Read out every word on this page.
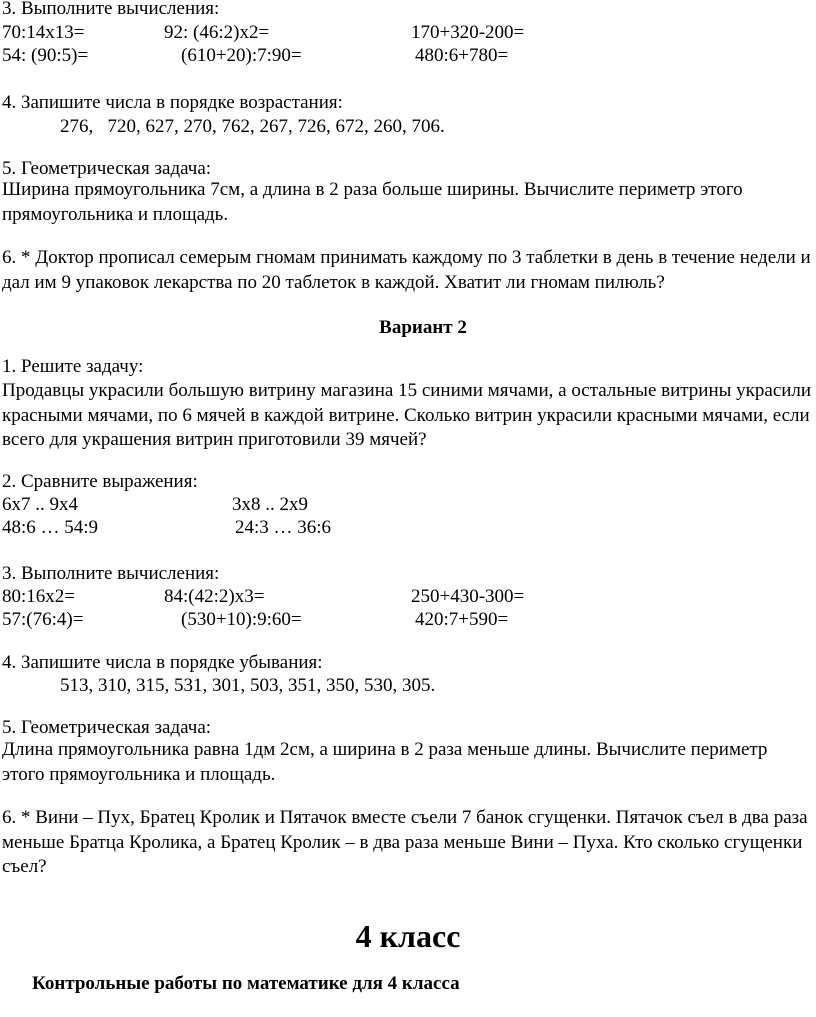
3. Выполните вычисления:
70:14х13=	92: (46:2)х2=	170+320-200=
54: (90:5)=	(610+20):7:90=	480:6+780=
4. Запишите числа в порядке возрастания:
276,   720, 627, 270, 762, 267, 726, 672, 260, 706.
5. Геометрическая задача:
Ширина прямоугольника 7см, а длина в 2 раза больше ширины. Вычислите периметр этого прямоугольника и площадь.
6. * Доктор прописал семерым гномам принимать каждому по 3 таблетки в день в течение недели и дал им 9 упаковок лекарства по 20 таблеток в каждой. Хватит ли гномам пилюль?
Вариант 2
1. Решите задачу:
Продавцы украсили большую витрину магазина 15 синими мячами, а остальные витрины украсили красными мячами, по 6 мячей в каждой витрине. Сколько витрин украсили красными мячами, если всего для украшения витрин приготовили 39 мячей?
2. Сравните выражения:
6х7 .. 9х4	3х8 .. 2х9
48:6 … 54:9	24:3 … 36:6
3. Выполните вычисления:
80:16х2=	84:(42:2)х3=	250+430-300=
57:(76:4)=	(530+10):9:60=	420:7+590=
4. Запишите числа в порядке убывания:
513, 310, 315, 531, 301, 503, 351, 350, 530, 305.
5. Геометрическая задача:
Длина прямоугольника равна 1дм 2см, а ширина в 2 раза меньше длины. Вычислите периметр этого прямоугольника и площадь.
6. * Вини – Пух, Братец Кролик и Пятачок вместе съели 7 банок сгущенки. Пятачок съел в два раза меньше Братца Кролика, а Братец Кролик – в два раза меньше Вини – Пуха. Кто сколько сгущенки съел?
4 класс
Контрольные работы по математике для 4 класса
